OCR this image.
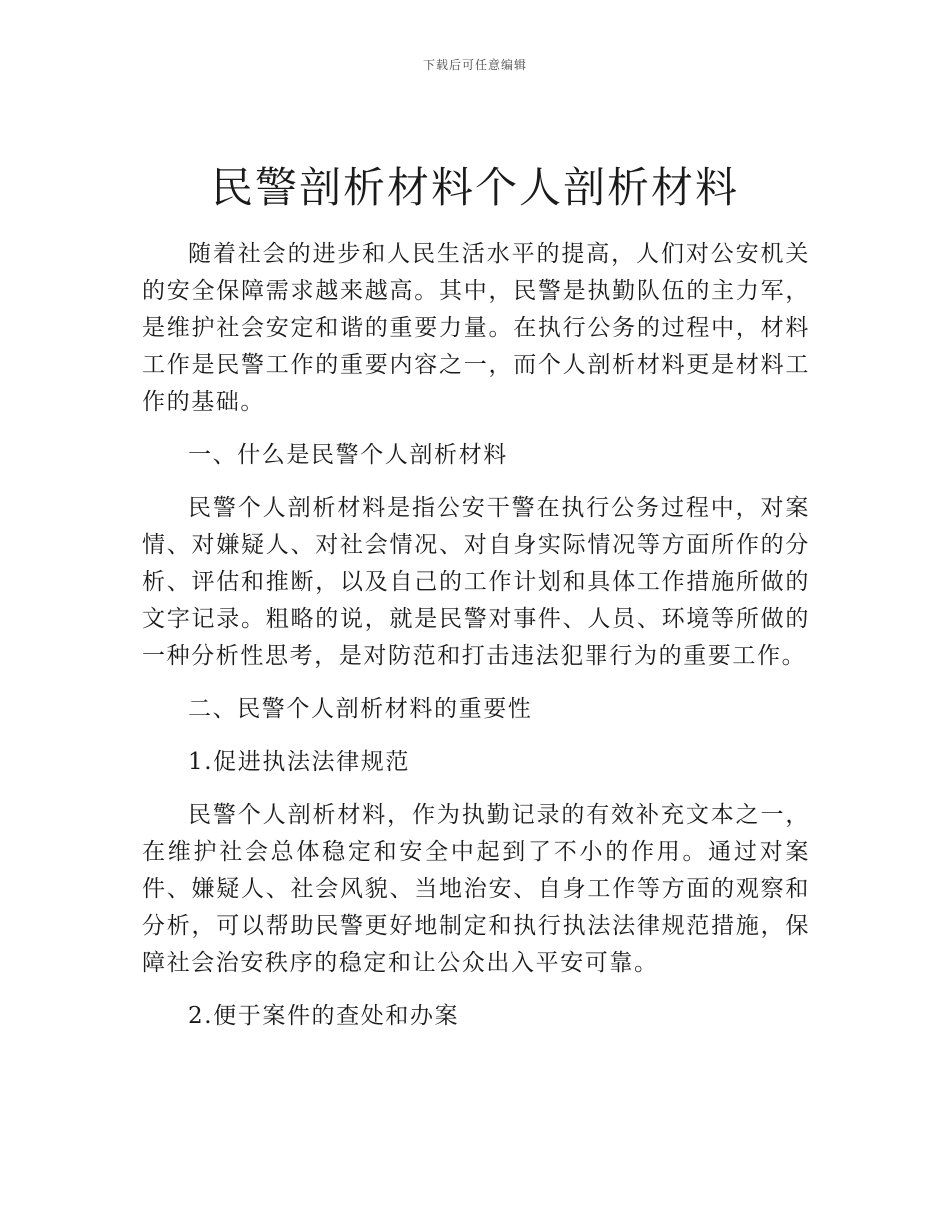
下载后可任意编辑
民警剖析材料个人剖析材料

随着社会的进步和人民生活水平的提高，人们对公安机关的安全保障需求越来越高。其中，民警是执勤队伍的主力军，是维护社会安定和谐的重要力量。在执行公务的过程中，材料工作是民警工作的重要内容之一，而个人剖析材料更是材料工作的基础。

一、什么是民警个人剖析材料

民警个人剖析材料是指公安干警在执行公务过程中，对案情、对嫌疑人、对社会情况、对自身实际情况等方面所作的分析、评估和推断，以及自己的工作计划和具体工作措施所做的文字记录。粗略的说，就是民警对事件、人员、环境等所做的一种分析性思考，是对防范和打击违法犯罪行为的重要工作。

二、民警个人剖析材料的重要性

1.促进执法法律规范

民警个人剖析材料，作为执勤记录的有效补充文本之一，在维护社会总体稳定和安全中起到了不小的作用。通过对案件、嫌疑人、社会风貌、当地治安、自身工作等方面的观察和分析，可以帮助民警更好地制定和执行执法法律规范措施，保障社会治安秩序的稳定和让公众出入平安可靠。

2.便于案件的查处和办案
